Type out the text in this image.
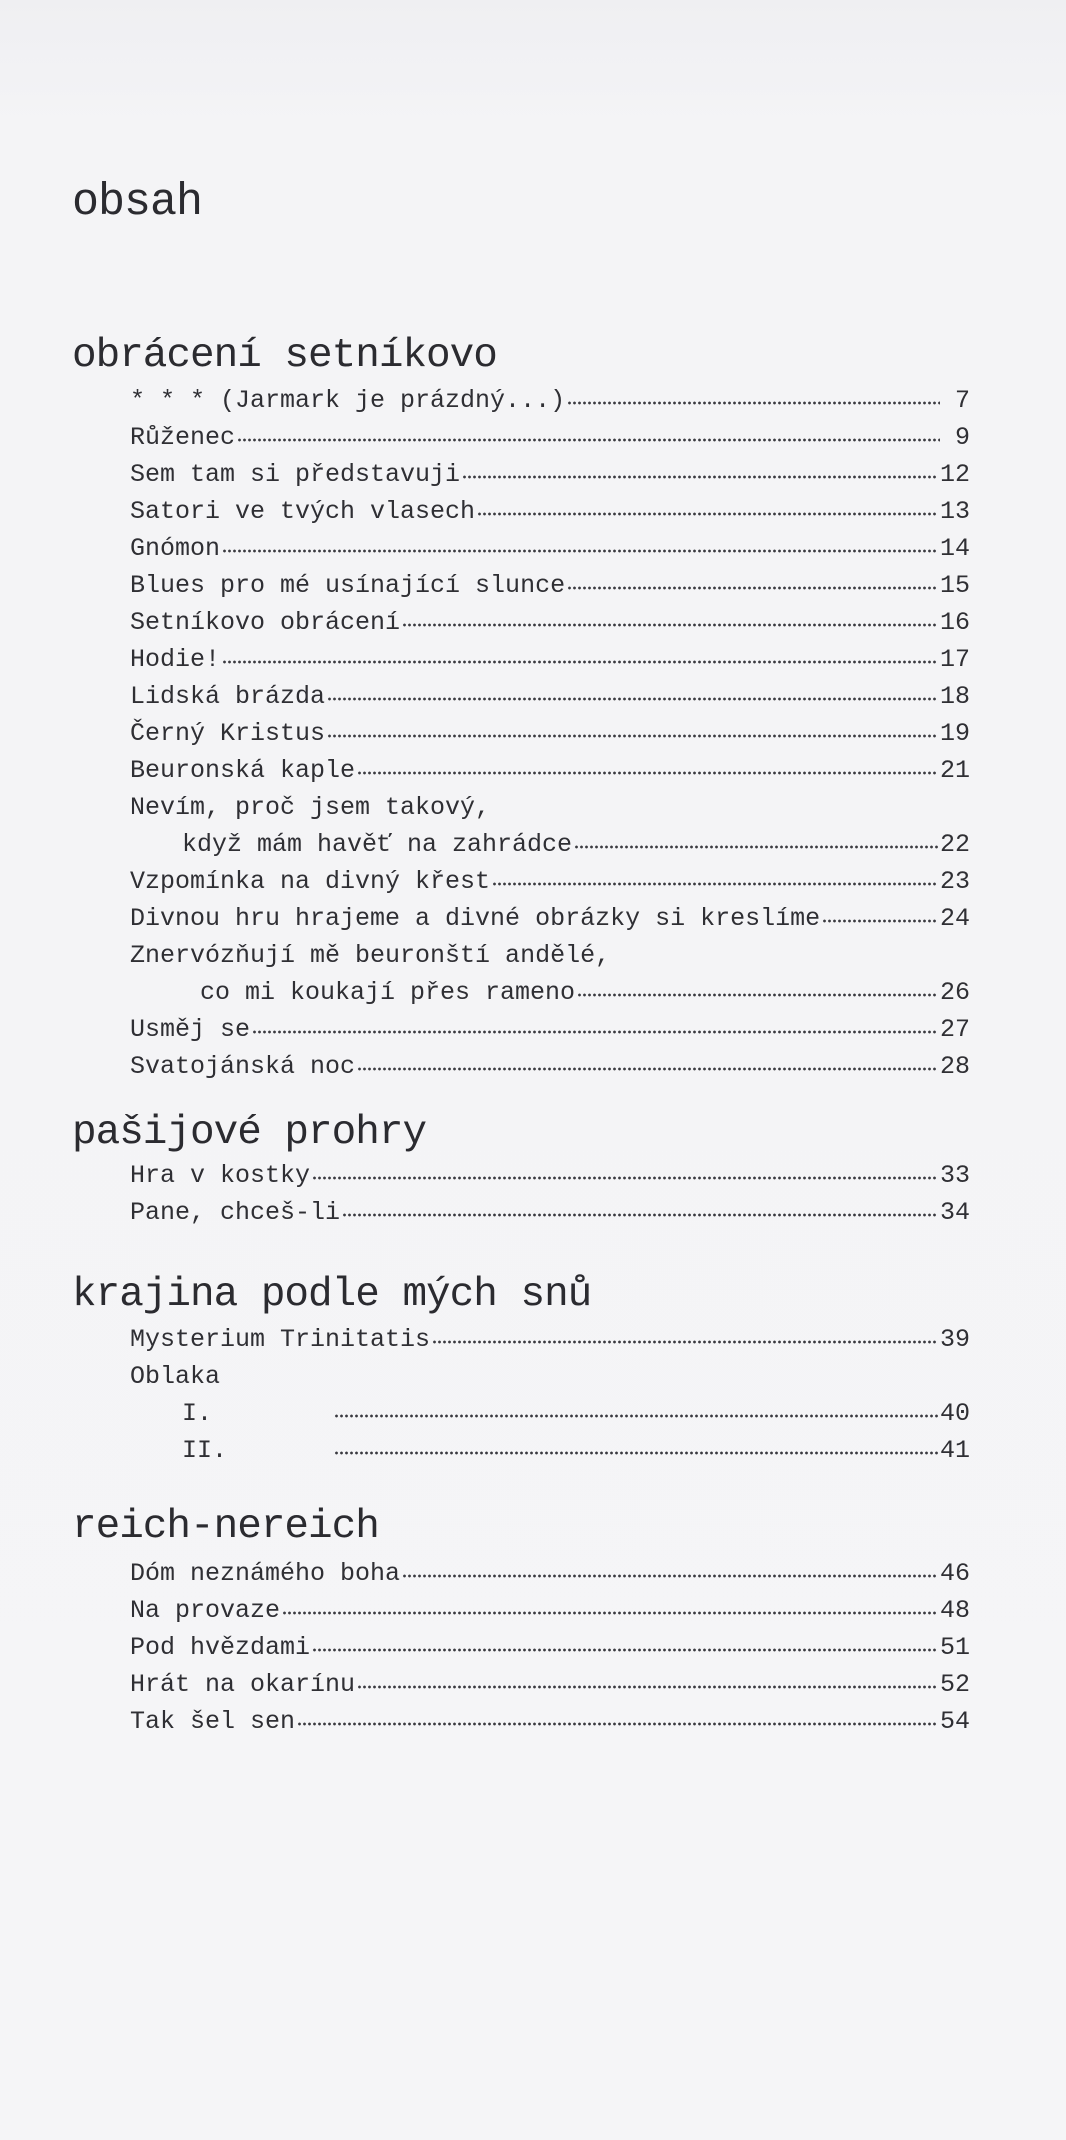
obsah
obrácení setníkovo
* * * (Jarmark je prázdný...)	7
Růženec	9
Sem tam si představuji	12
Satori ve tvých vlasech	13
Gnómon	14
Blues pro mé usínající slunce	15
Setníkovo obrácení	16
Hodie!	17
Lidská brázda	18
Černý Kristus	19
Beuronská kaple	21
Nevím, proč jsem takový,
když mám havěť na zahrádce	22
Vzpomínka na divný křest	23
Divnou hru hrajeme a divné obrázky si kreslíme	24
Znervózňují mě beuronští andělé,
co mi koukají přes rameno	26
Usměj se	27
Svatojánská noc	28
pašijové prohry
Hra v kostky	33
Pane, chceš-li	34
krajina podle mých snů
Mysterium Trinitatis	39
Oblaka
I.	40
II.	41
reich-nereich
Dóm neznámého boha	46
Na provaze	48
Pod hvězdami	51
Hrát na okarínu	52
Tak šel sen	54
